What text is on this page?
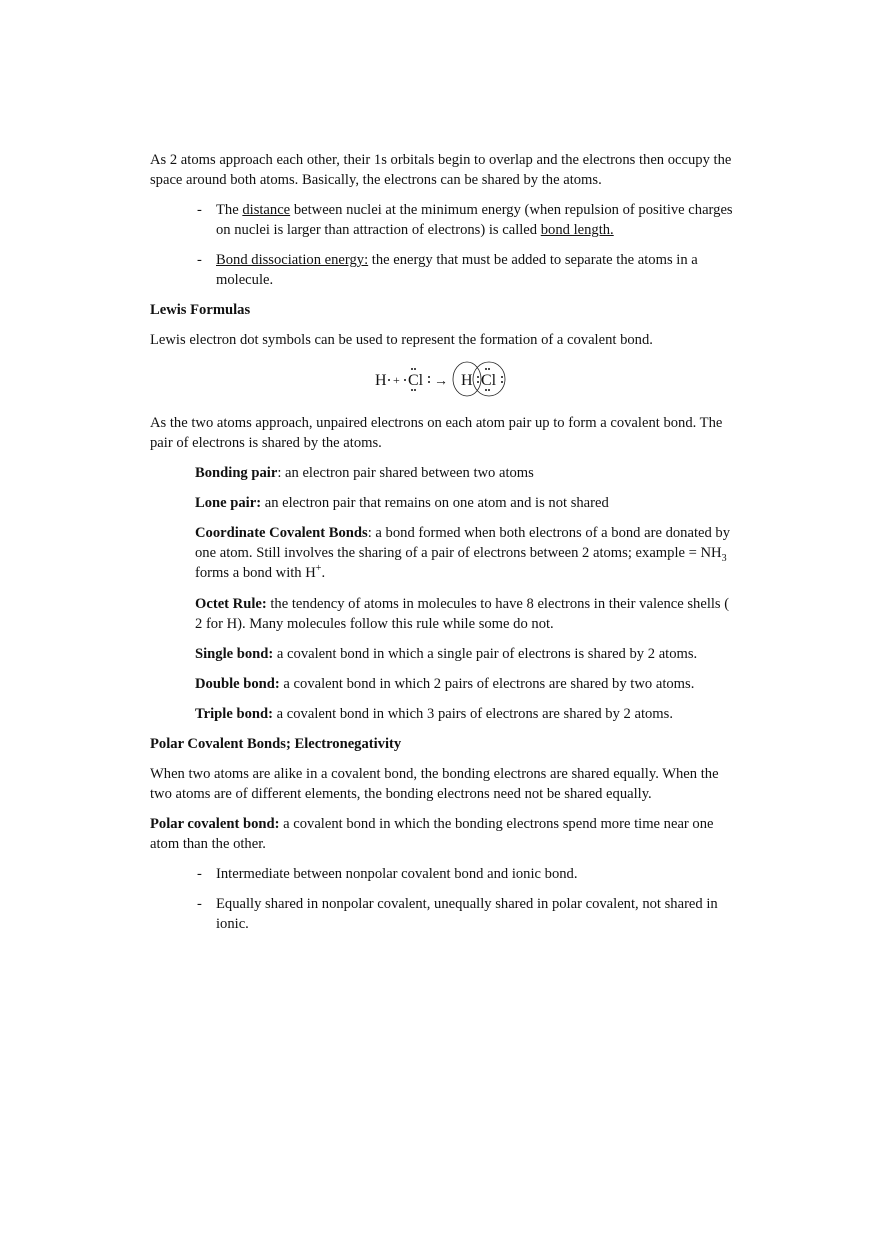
As 2 atoms approach each other, their 1s orbitals begin to overlap and the electrons then occupy the space around both atoms. Basically, the electrons can be shared by the atoms.

- The distance between nuclei at the minimum energy (when repulsion of positive charges on nuclei is larger than attraction of electrons) is called bond length.

- Bond dissociation energy: the energy that must be added to separate the atoms in a molecule.

Lewis Formulas

Lewis electron dot symbols can be used to represent the formation of a covalent bond.

H + Cl → H Cl

As the two atoms approach, unpaired electrons on each atom pair up to form a covalent bond. The pair of electrons is shared by the atoms.

Bonding pair: an electron pair shared between two atoms

Lone pair: an electron pair that remains on one atom and is not shared

Coordinate Covalent Bonds: a bond formed when both electrons of a bond are donated by one atom. Still involves the sharing of a pair of electrons between 2 atoms; example = $NH_3$ forms a bond with H+.

Octet Rule: the tendency of atoms in molecules to have 8 electrons in their valence shells ( 2 for H). Many molecules follow this rule while some do not.

Single bond: a covalent bond in which a single pair of electrons is shared by 2 atoms.

Double bond: a covalent bond in which 2 pairs of electrons are shared by two atoms.

Triple bond: a covalent bond in which 3 pairs of electrons are shared by 2 atoms.

Polar Covalent Bonds; Electronegativity

When two atoms are alike in a covalent bond, the bonding electrons are shared equally. When the two atoms are of different elements, the bonding electrons need not be shared equally.

Polar covalent bond: a covalent bond in which the bonding electrons spend more time near one atom than the other.

- Intermediate between nonpolar covalent bond and ionic bond.

- Equally shared in nonpolar covalent, unequally shared in polar covalent, not shared in ionic.
